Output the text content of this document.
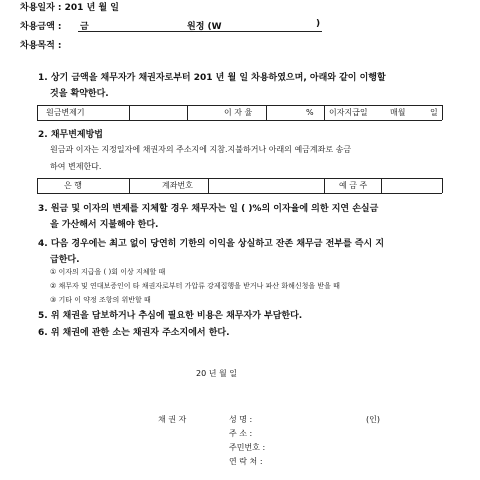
차용일자 : 201 년 월 일
차용금액 : 금	원정 (W	)
차용목적 :
1. 상기 금액을 채무자가 채권자로부터 201 년 월 일 차용하였으며, 아래와 같이 이행할
것을 확약한다.
원금변제기	이 자 율	% 이자지급일	매월	일
2. 채무변제방법
원금과 이자는 지정일자에 채권자의 주소지에 지참.지불하거나 아래의 예금계좌로 송금
하여 변제한다.
은 행	계좌번호	예 금 주
3. 원금 및 이자의 변제를 지체할 경우 채무자는 일 ( )%의 이자율에 의한 지연 손실금
을 가산해서 지불해야 한다.
4. 다음 경우에는 최고 없이 당연히 기한의 이익을 상실하고 잔존 채무금 전부를 즉시 지
급한다.
① 이자의 지급을 ( )회 이상 지체할 때
② 채무자 및 연대보증인이 타 채권자로부터 가압류 강제집행을 받거나 파산 화해신청을 받을 때
③ 기타 이 약정 조항의 위반할 때
5. 위 채권을 담보하거나 추심에 필요한 비용은 채무자가 부담한다.
6. 위 채권에 관한 소는 채권자 주소지에서 한다.
20 년 월 일
채 권 자	성 명 :	(인)
주 소 :
주민번호 :
연 락 처 :
